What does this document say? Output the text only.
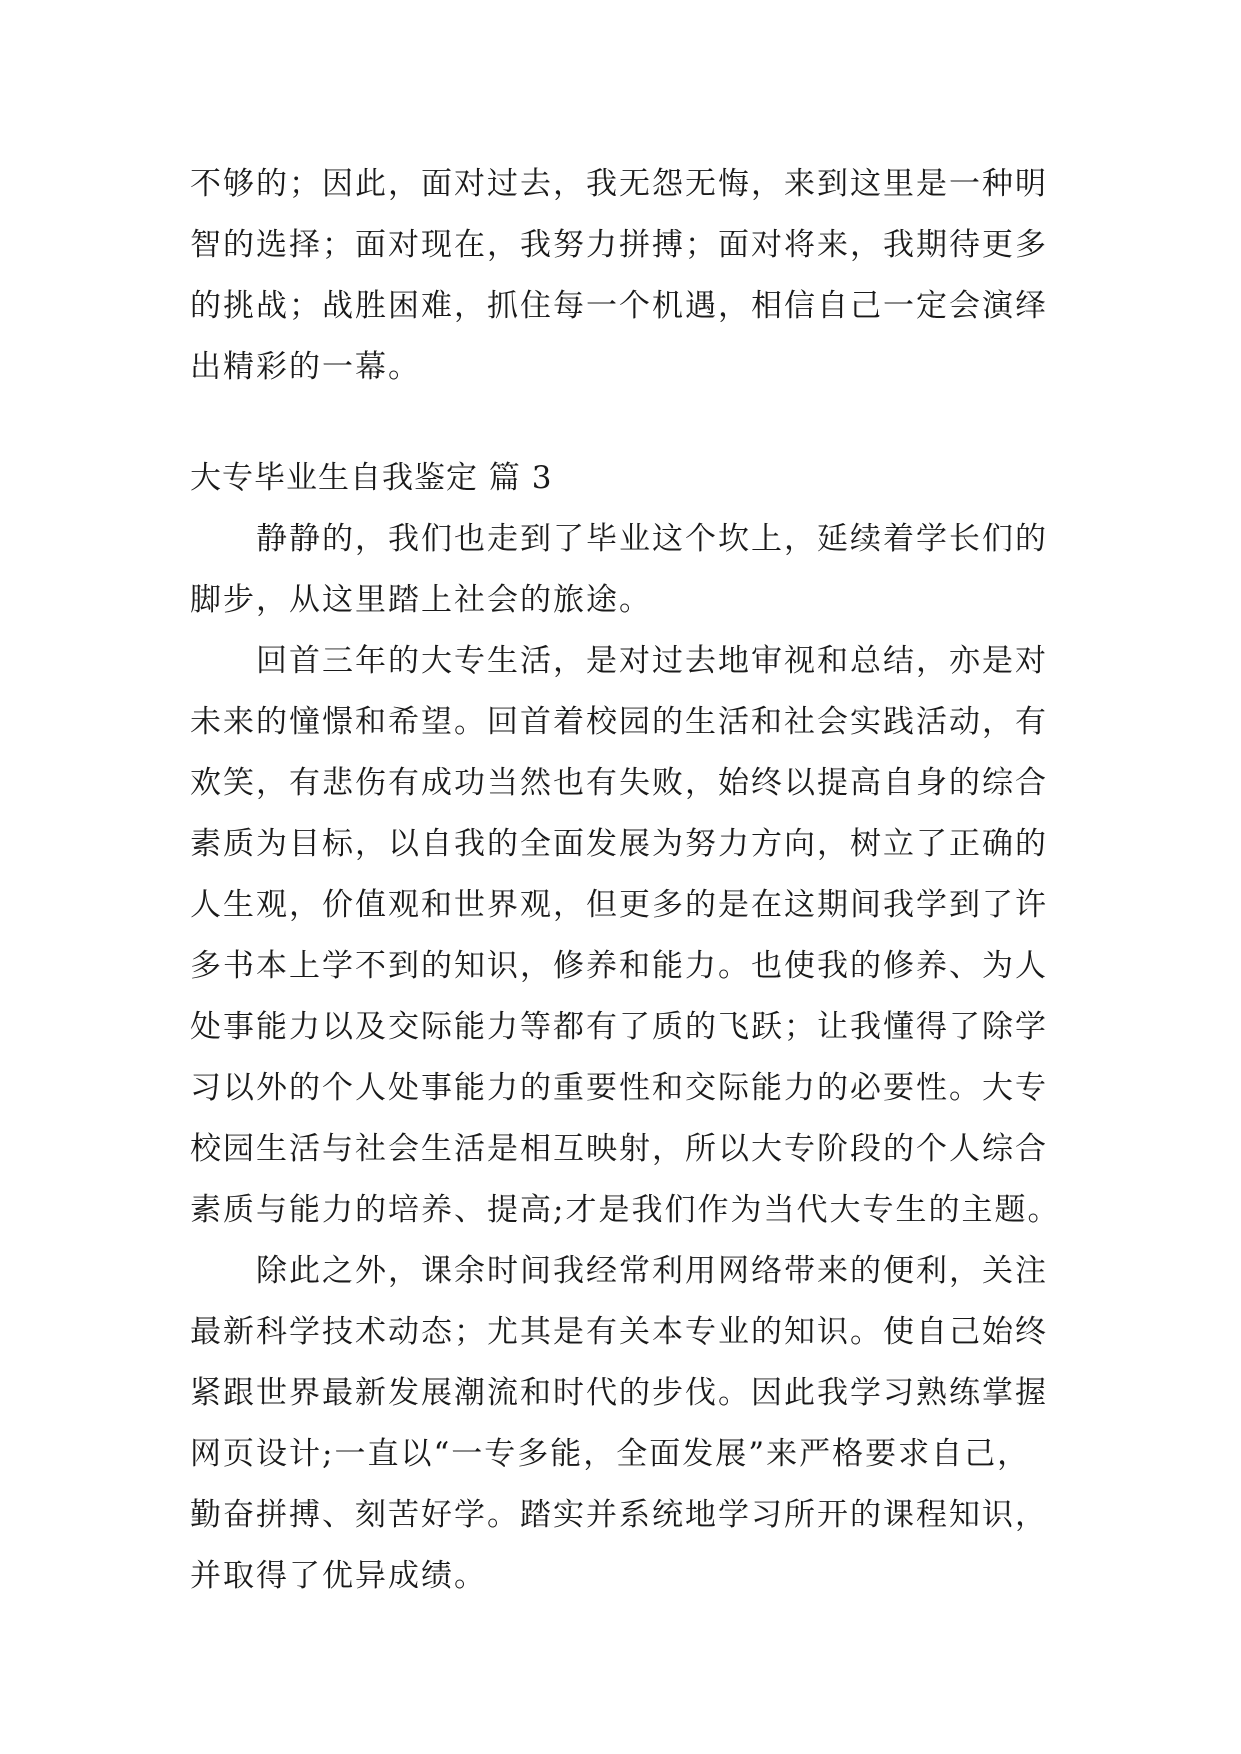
不够的；因此，面对过去，我无怨无悔，来到这里是一种明
智的选择；面对现在，我努力拼搏；面对将来，我期待更多
的挑战；战胜困难，抓住每一个机遇，相信自己一定会演绎
出精彩的一幕。
大专毕业生自我鉴定 篇 3
静静的，我们也走到了毕业这个坎上，延续着学长们的
脚步，从这里踏上社会的旅途。
回首三年的大专生活，是对过去地审视和总结，亦是对
未来的憧憬和希望。回首着校园的生活和社会实践活动，有
欢笑，有悲伤有成功当然也有失败，始终以提高自身的综合
素质为目标，以自我的全面发展为努力方向，树立了正确的
人生观，价值观和世界观，但更多的是在这期间我学到了许
多书本上学不到的知识，修养和能力。也使我的修养、为人
处事能力以及交际能力等都有了质的飞跃；让我懂得了除学
习以外的个人处事能力的重要性和交际能力的必要性。大专
校园生活与社会生活是相互映射，所以大专阶段的个人综合
素质与能力的培养、提高;才是我们作为当代大专生的主题。
除此之外，课余时间我经常利用网络带来的便利，关注
最新科学技术动态；尤其是有关本专业的知识。使自己始终
紧跟世界最新发展潮流和时代的步伐。因此我学习熟练掌握
网页设计;一直以“一专多能，全面发展”来严格要求自己，
勤奋拼搏、刻苦好学。踏实并系统地学习所开的课程知识，
并取得了优异成绩。
